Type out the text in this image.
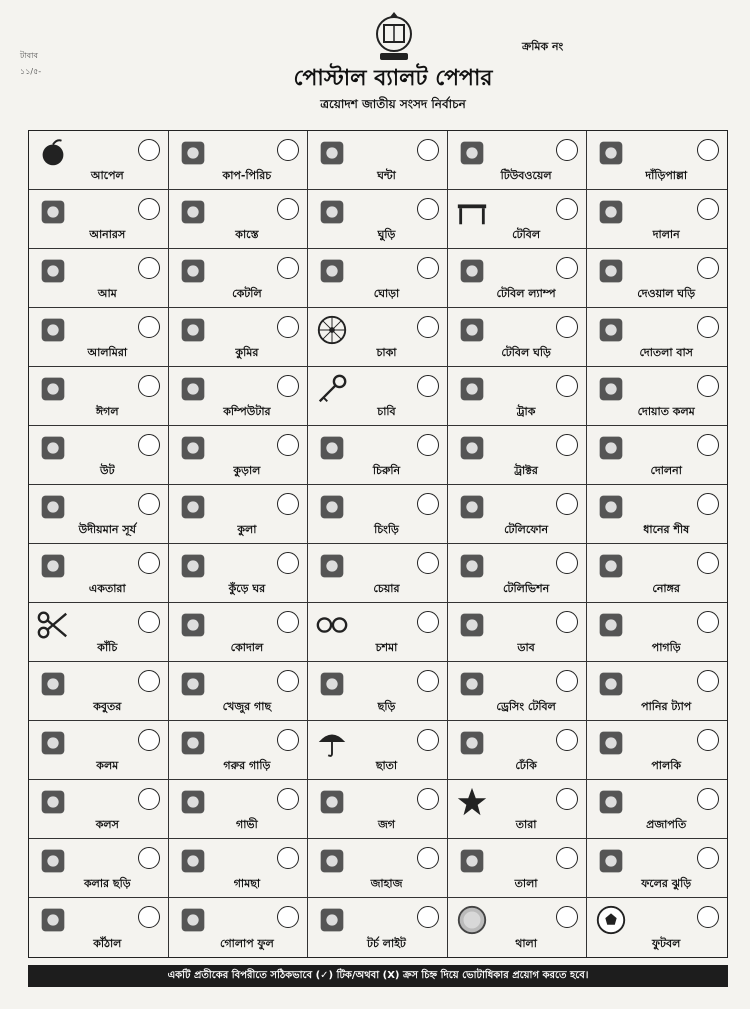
টাবাব
১১/৫-
ক্রমিক নং
পোস্টাল ব্যালট পেপার
ত্রয়োদশ জাতীয় সংসদ নির্বাচন
আপেল	কাপ-পিরিচ	ঘন্টা	টিউবওয়েল	দাঁড়িপাল্লা
আনারস	কাস্তে	ঘুড়ি	টেবিল	দালান
আম	কেটলি	ঘোড়া	টেবিল ল্যাম্প	দেওয়াল ঘড়ি
আলমিরা	কুমির	চাকা	টেবিল ঘড়ি	দোতলা বাস
ঈগল	কম্পিউটার	চাবি	ট্রাক	দোয়াত কলম
উট	কুড়াল	চিরুনি	ট্রাক্টর	দোলনা
উদীয়মান সূর্য	কুলা	চিংড়ি	টেলিফোন	ধানের শীষ
একতারা	কুঁড়ে ঘর	চেয়ার	টেলিভিশন	নোঙ্গর
কাঁচি	কোদাল	চশমা	ডাব	পাগড়ি
কবুতর	খেজুর গাছ	ছড়ি	ড্রেসিং টেবিল	পানির ট্যাপ
কলম	গরুর গাড়ি	ছাতা	ঢেঁকি	পালকি
কলস	গাভী	জগ	তারা	প্রজাপতি
কলার ছড়ি	গামছা	জাহাজ	তালা	ফলের ঝুড়ি
কাঁঠাল	গোলাপ ফুল	টর্চ লাইট	থালা	ফুটবল
একটি প্রতীকের বিপরীতে সঠিকভাবে (✓) টিক/অথবা (X) ক্রস চিহ্ন দিয়ে ভোটাধিকার প্রয়োগ করতে হবে।
